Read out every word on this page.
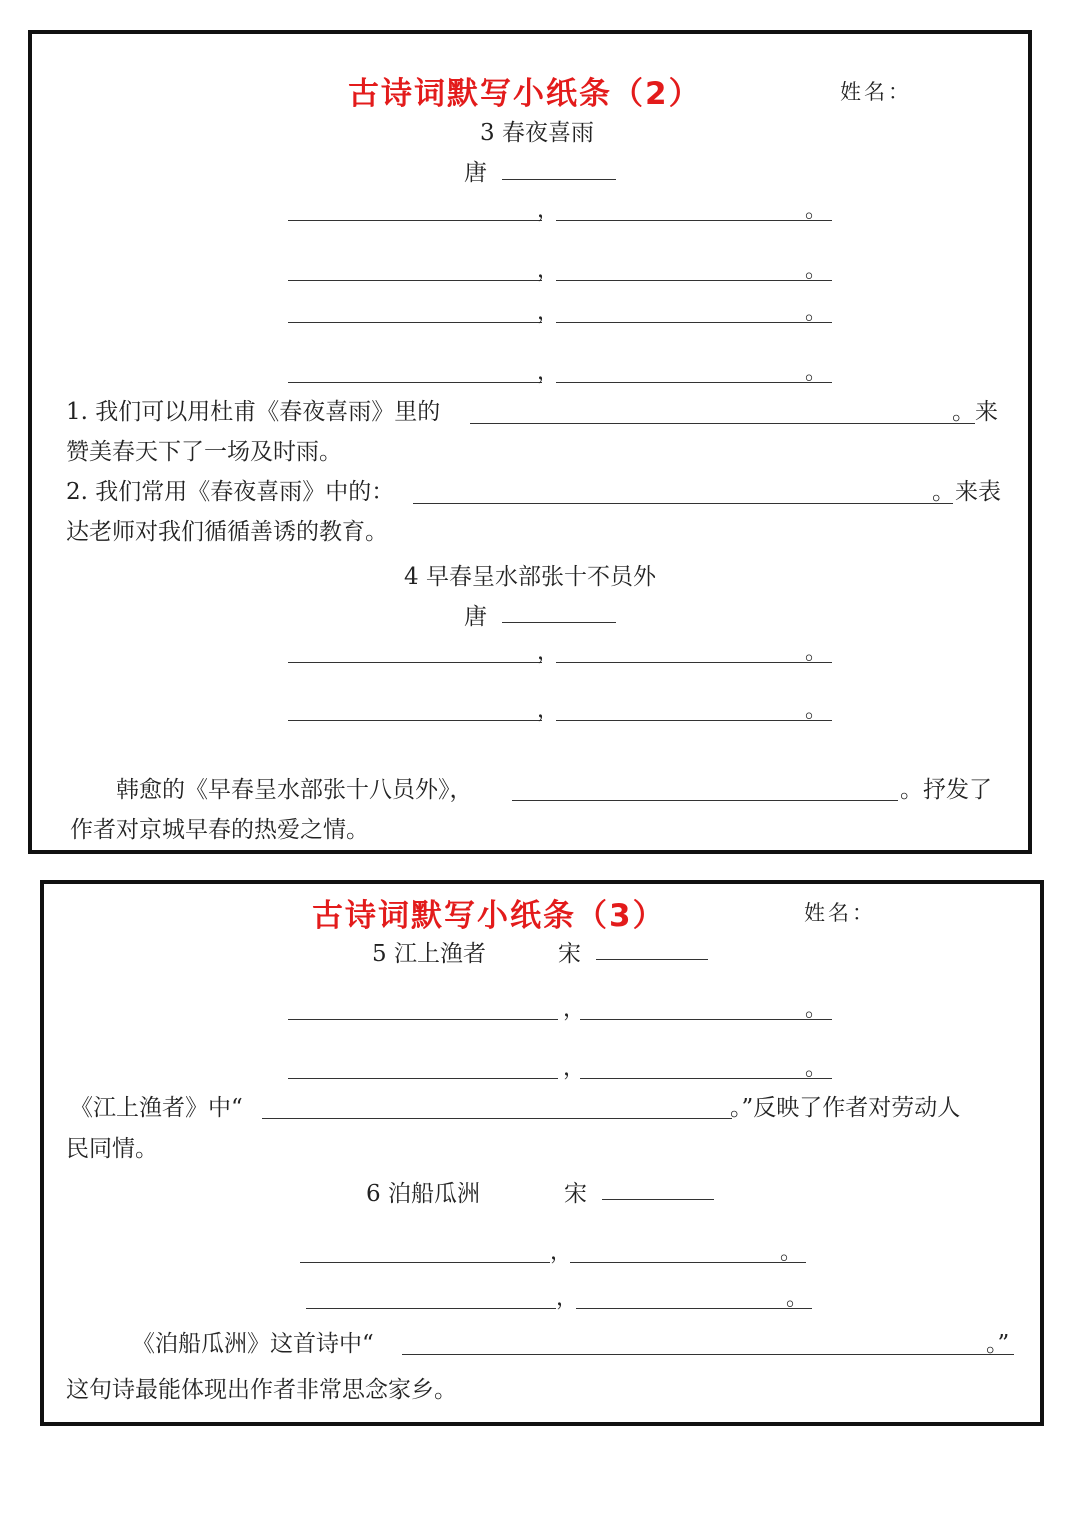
古诗词默写小纸条（2）	姓名：
3 春夜喜雨
唐
，	。
，	。
，	。
，	。
1. 我们可以用杜甫《春夜喜雨》里的	。来
赞美春天下了一场及时雨。
2. 我们常用《春夜喜雨》中的：	。来表
达老师对我们循循善诱的教育。
4 早春呈水部张十不员外
唐
，	。
，	。
韩愈的《早春呈水部张十八员外》，	。抒发了
作者对京城早春的热爱之情。
古诗词默写小纸条（3）	姓名：
5 江上渔者	宋
，	。
，	。
《江上渔者》中“	。”反映了作者对劳动人
民同情。
6 泊船瓜洲	宋
，	。
，	。
《泊船瓜洲》这首诗中“	。”
这句诗最能体现出作者非常思念家乡。
